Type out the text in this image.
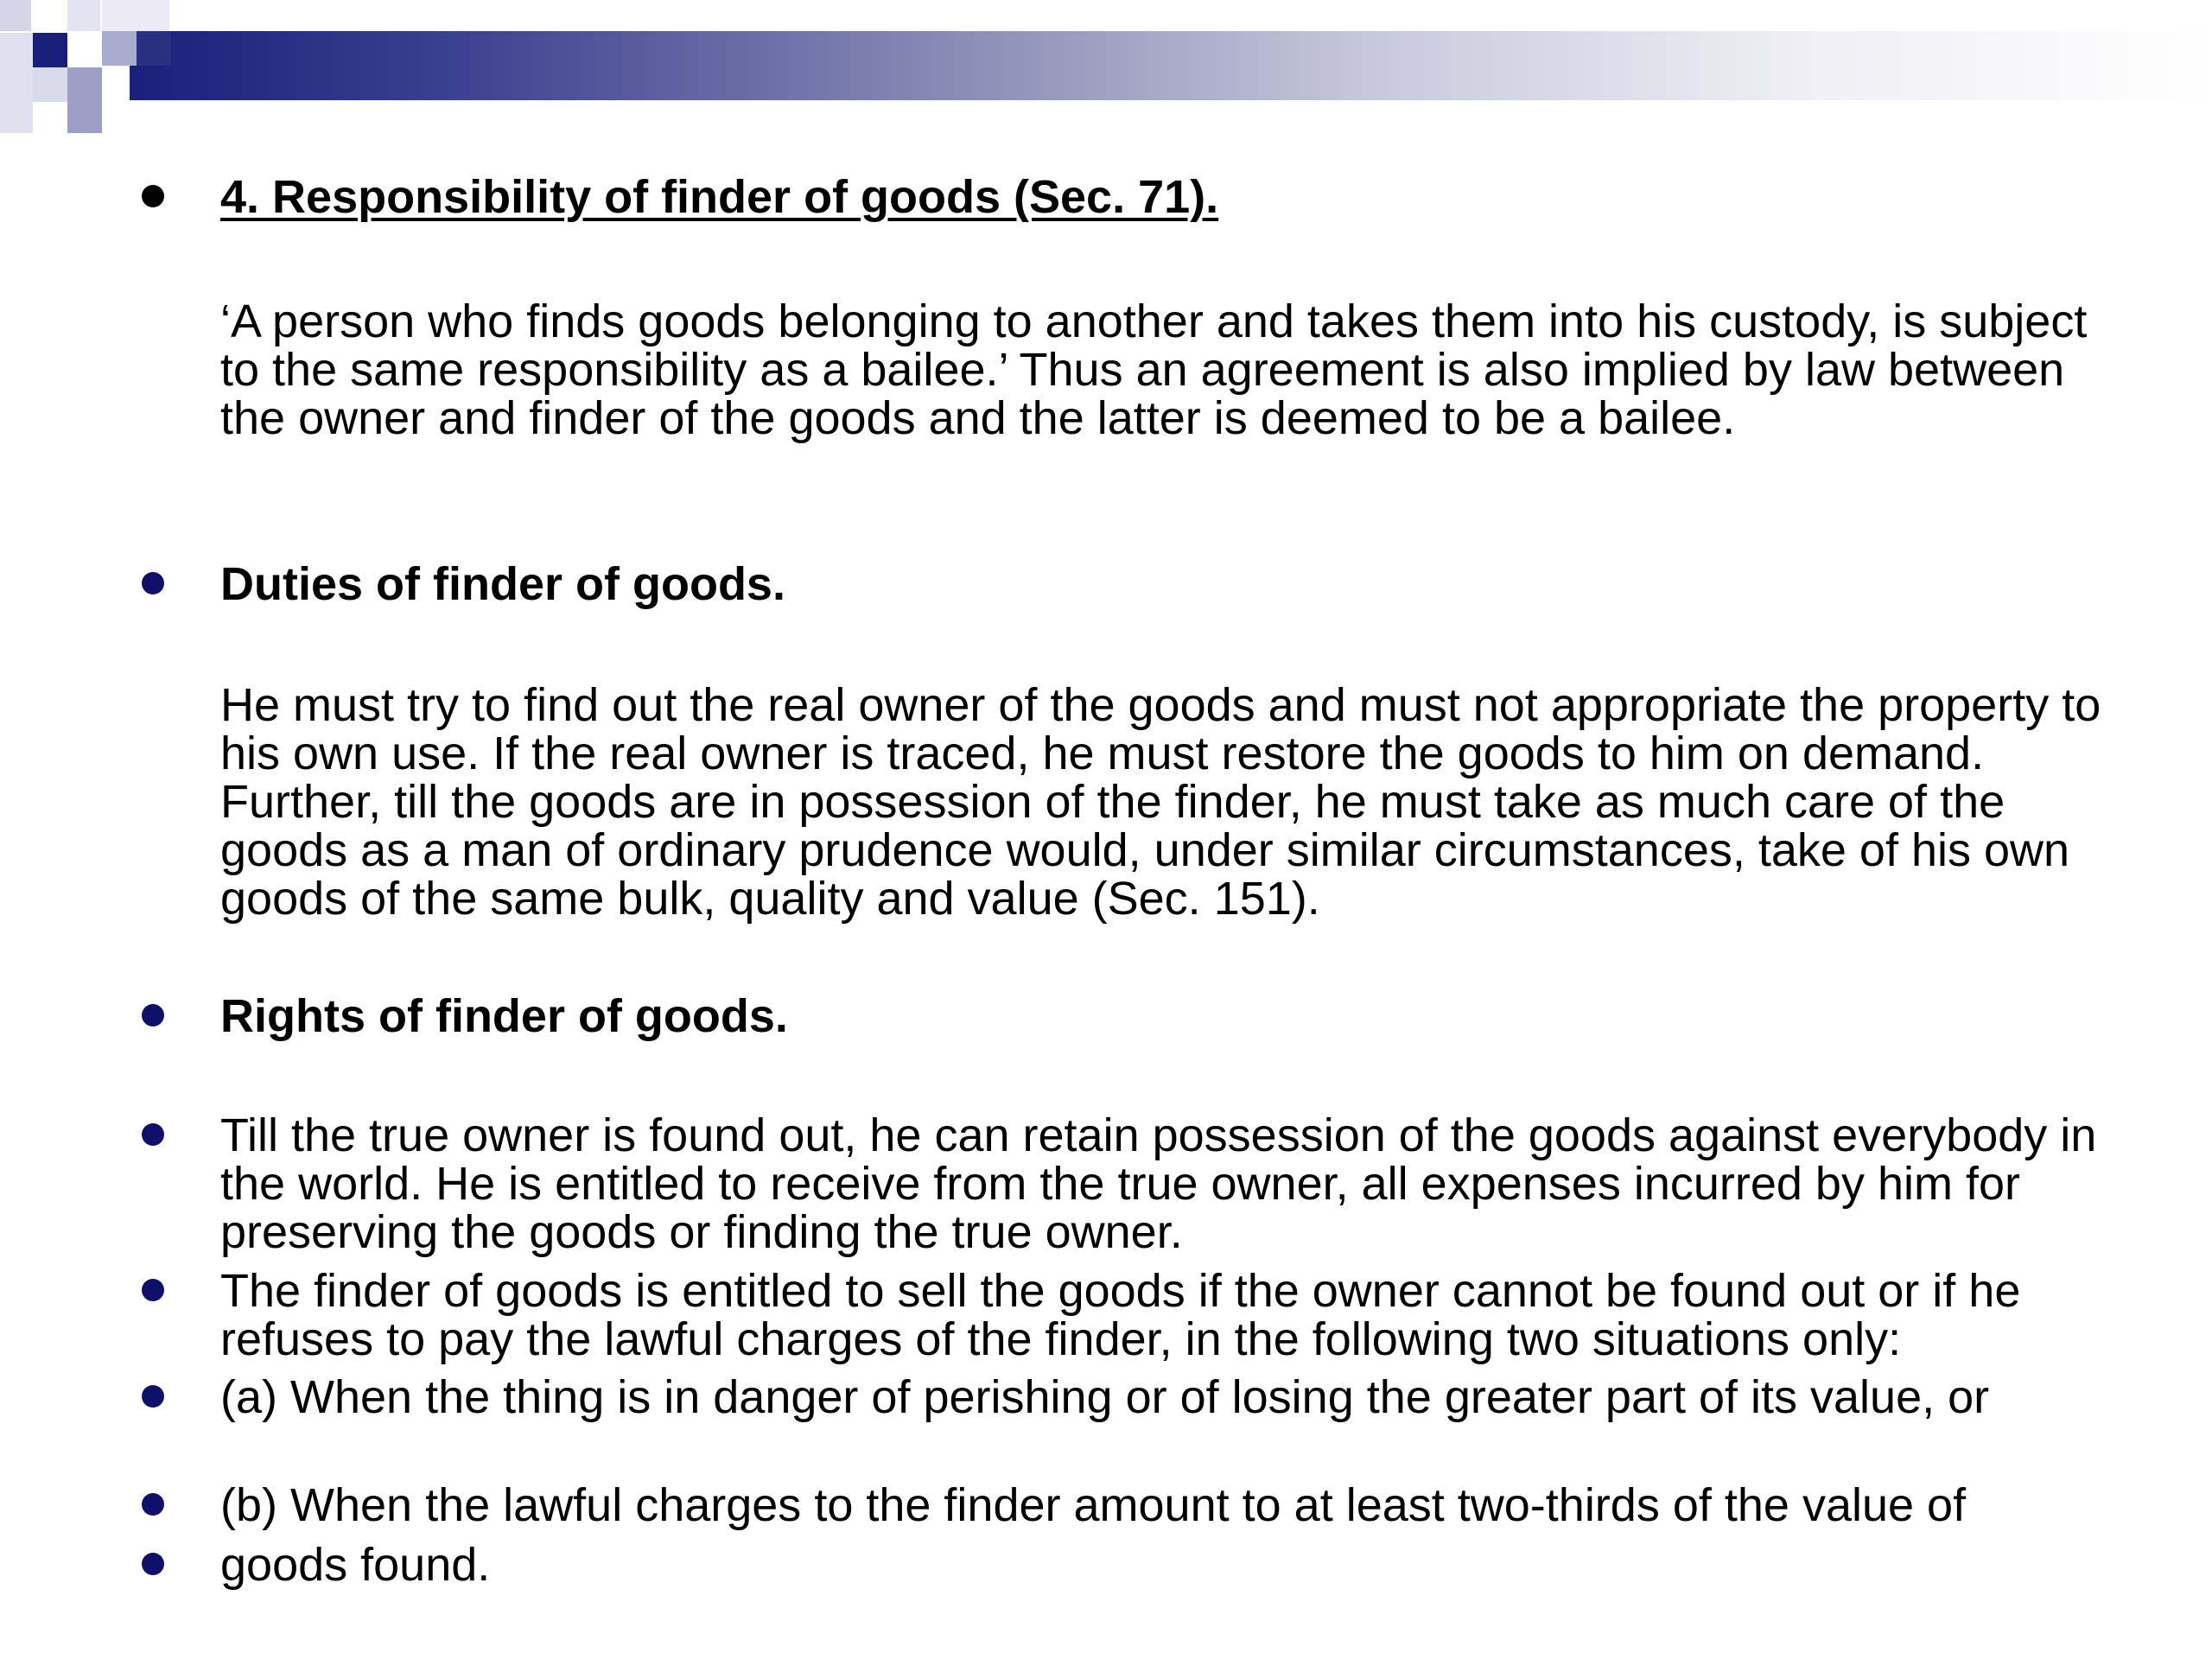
4. Responsibility of finder of goods (Sec. 71).
‘A person who finds goods belonging to another and takes them into his custody, is subject to the same responsibility as a bailee.’ Thus an agreement is also implied by law between the owner and finder of the goods and the latter is deemed to be a bailee.
Duties of finder of goods.
He must try to find out the real owner of the goods and must not appropriate the property to his own use. If the real owner is traced, he must restore the goods to him on demand. Further, till the goods are in possession of the finder, he must take as much care of the goods as a man of ordinary prudence would, under similar circumstances, take of his own goods of the same bulk, quality and value (Sec. 151).
Rights of finder of goods.
Till the true owner is found out, he can retain possession of the goods against everybody in the world. He is entitled to receive from the true owner, all expenses incurred by him for preserving the goods or finding the true owner.
The finder of goods is entitled to sell the goods if the owner cannot be found out or if he refuses to pay the lawful charges of the finder, in the following two situations only:
(a) When the thing is in danger of perishing or of losing the greater part of its value, or
(b) When the lawful charges to the finder amount to at least two-thirds of the value of
goods found.
